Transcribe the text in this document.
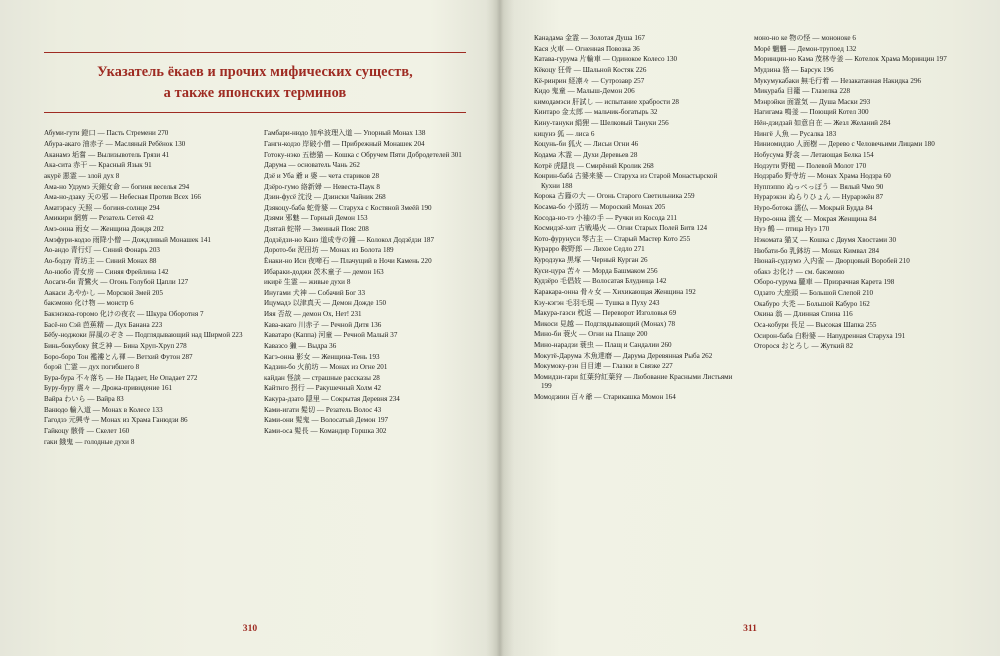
Указатель ёкаев и прочих мифических существ,
а также японских терминов
Абуми-гути 鐙口 — Пасть Стремени 270
Абура-акаго 油赤子 — Масляный Ребёнок 130
Аканамэ 垢嘗 — Вылизывотель Грязи 41
Ака-сита 赤干 — Красный Язык 91
акурё 悪霊 — злой дух 8
Ама-но Удзумэ 天鈿女命 — богиня веселья 294
Ама-но-дзаку 天の邪 — Небесная Против Всех 166
Аматэрасу 天照 — богиня-солнце 294
Амикири 網剪 — Резатель Сетей 42
Амэ-онна 雨女 — Женщина Дождя 202
Амэфури-кодзо 雨降小僧 — Дождливый Монашек 141
Ао-андо 青行灯 — Синий Фонарь 203
Ао-бодзу 青坊主 — Синий Монах 88
Ао-нюбо 青女房 — Синяя Фрейлина 142
Аосаги-би 青鷺火 — Огонь Голубой Цапли 127
Аакаси あやかし — Морской Змей 205
бакэмоно 化け物 — монстр 6
Бакэнэкоа-горомо 化けの夜衣 — Шкура Оборотня 7
Басё-но Сэй 芭蕉精 — Дух Банана 223
Бёбу-ноджоки 屏風のぞき — Подглядывающий над Ширмой 223
Бинь-бокубоку 貧乏神 — Бина Хруп-Хруп 278
Боро-боро Тон 襤褸とん褌 — Ветхий Футон 287
борэй 亡霊 — дух погибшего 8
Бура-бура 不々落ち — Не Падает, Не Опадает 272
Буру-буру 震々 — Дрожа-привидение 161
Вайра わいら — Вайра 83
Ванюдо 輪入道 — Монах в Колесе 133
Гагодзэ 元興寺 — Монах из Храма Ганюдзи 86
Гайкоцу 骸骨 — Скелет 160
гаки 餓鬼 — голодные духи 8
Гамбари-нюдо 加牟波理入道 — Упорный Монах 138
Гангн-кодзо 岸破小僧 — Прибрежный Монашек 204
Готоку-нэко 五徳猫 — Кошка с Обручем Пяти Добродетелей 301
Дарума — основатель Чань 262
Дзё и Уба 爺 и 婆 — чета стариков 28
Дзёро-гумо 絡新婦 — Невеста-Паук 8
Дзин-фусё 沈没 — Дзински Чайник 268
Дзякоцу-баба 蛇骨婆 — Старуха с Костяной Змеёй 190
Дзями 邪魅 — Горный Демон 153
Дзятай 蛇帯 — Змеиный Пояс 208
Додзёдзи-но Канэ 道成寺の鐘 — Колокол Додзёдзи 187
Дорото-би 泥田坊 — Монах из Болота 189
Ёнаки-но Иси 夜啼石 — Плачущий в Ночи Камень 220
Ибараки-доджи 茨木童子 — демон 163
икирё 生霊 — живые духи 8
Инугами 犬神 — Собачий Бог 33
Ицумадэ 以津真天 — Демон Дожде 150
Ияя 否故 — демон Ох, Нет! 231
Кава-акаго 川赤子 — Речной Дитя 136
Каватаро (Каппа) 河童 — Речной Малый 37
Кавазсо 獺 — Выдра 36
Кагэ-онна 影女 — Женщина-Тень 193
Кадзин-бо 火前坊 — Монах из Огне 201
кайдан 怪談 — страшные рассказы 28
Кайтнго 拐行 — Ракушечный Холм 42
Какура-дзато 隠里 — Сокрытая Деревня 234
Ками-игати 髪切 — Резатель Волос 43
Ками-они 髪鬼 — Волосатый Демон 197
Ками-оса 髪長 — Командир Горшка 302
Канадама 金霊 — Золотая Душа 167
Кася 火車 — Огненная Повозка 36
Катава-гурума 片輪車 — Одинокое Колесо 130
Кёкоцу 狂骨 — Шальной Костяк 226
Кё-ринрин 経凛々 — Сутрозавр 257
Кидо 鬼童 — Малыш-Демон 206
кимодамэси 肝試し — испытание храбрости 28
Кинтаро 金太郎 — мальчик-богатырь 32
Кину-тануки 絹狸 — Шелковый Тануки 256
кицунэ 狐 — лиса 6
Коцунь-би 狐火 — Лисьи Огни 46
Кодама 木霊 — Духи Деревьев 28
Котрё 虎隠良 — Смирённй Кролик 268
Конрин-бабá 古婆来婆 — Старуха из Старой Монастырской Кухни 188
Корока 古籙の大 — Огонь Старого Светильника 259
Косама-бо 小頭坊 — Мороский Монах 205
Косода-но-тэ 小袖の手 — Ручки из Косода 211
Космидзё-хит 古戦場火 — Огни Старых Полей Битв 124
Кото-фурунуси 琴古主 — Старый Мастер Кото 255
Курарро 鞍野郎 — Лихое Седло 271
Куродзука 黒塚 — Черный Курган 26
Куси-цура 苦々 — Морда Башмаком 256
Кудзёро 毛倡妓 — Волосатая Блудница 142
Каракара-онна 骨々女 — Хихикающая Женщина 192
Кэу-кэгэн 毛羽毛現 — Тушка в Пуху 243
Макура-гаэси 枕返 — Переворот Изголовья 69
Микоси 見越 — Подглядывающий (Монах) 78
Мино-би 蓑火 — Огни на Плаще 200
Мино-нарадзи 蓑虫 — Плащ и Сандалии 260
Мокутё-Дарума 木魚達磨 — Дарума Деревянная Рыба 262
Мокумоку-рэн 目目連 — Глазки в Связке 227
Момидзи-гари 紅葉狩紅葉狩 — Любование Красными Листьями 199
Момодзиин 百々爺 — Старикашка Момон 164
моно-но ке 物の怪 — мононоке 6
Морё 魍魎 — Демон-трупоед 132
Моринцин-но Кама 茂林寺釜 — Котелок Храма Моринцин 197
Мудзина 貉 — Барсук 196
Мукумукабаки 無毛行着 — Незакатанная Накидка 296
Микураба 目籠 — Глазелка 228
Мэнрэйки 面霊気 — Душа Маски 293
Нагигама 鳴釜 — Поющий Котел 300
Нён-дзидзай 如意自在 — Жезл Желаний 284
Нингё 人魚 — Русалка 183
Ниниомидзю 人面樹 — Дерево с Человечьими Лицами 180
Нобусума 野衾 — Летающая Белка 154
Нодзути 野槌 — Полевой Молот 170
Нодзрабо 野寺坊 — Монах Храма Нодзра 60
Нуппэппо ぬっぺっぽう — Вялый Чмо 90
Нурарэкэн ぬらりひょん — Нурарэкён 87
Нуро-ботока 濡仏 — Мокрый Будда 84
Нуро-онна 濡女 — Мокрая Женщина 84
Нуэ 鵺 — птица Нуэ 170
Нэкомата 猫又 — Кошка с Двумя Хвостами 30
Нюбати-бо 乳鉢坊 — Монах Кимвал 284
Нюнай-судзумэ 入内雀 — Дворцовый Воробей 210
обакэ お化け — см. бакэмоно
Оборо-гурума 朧車 — Призрачная Карета 198
Одзато 大座頭 — Большой Слепой 210
Окабуро 大禿 — Большой Кабуро 162
Окина 翁 — Длинная Спина 116
Оса-кобури 長足 — Высокая Шапка 255
Осирон-баба 白粉婆 — Напудренная Старуха 191
Оторося おとろし — Жуткий 82
310	311
